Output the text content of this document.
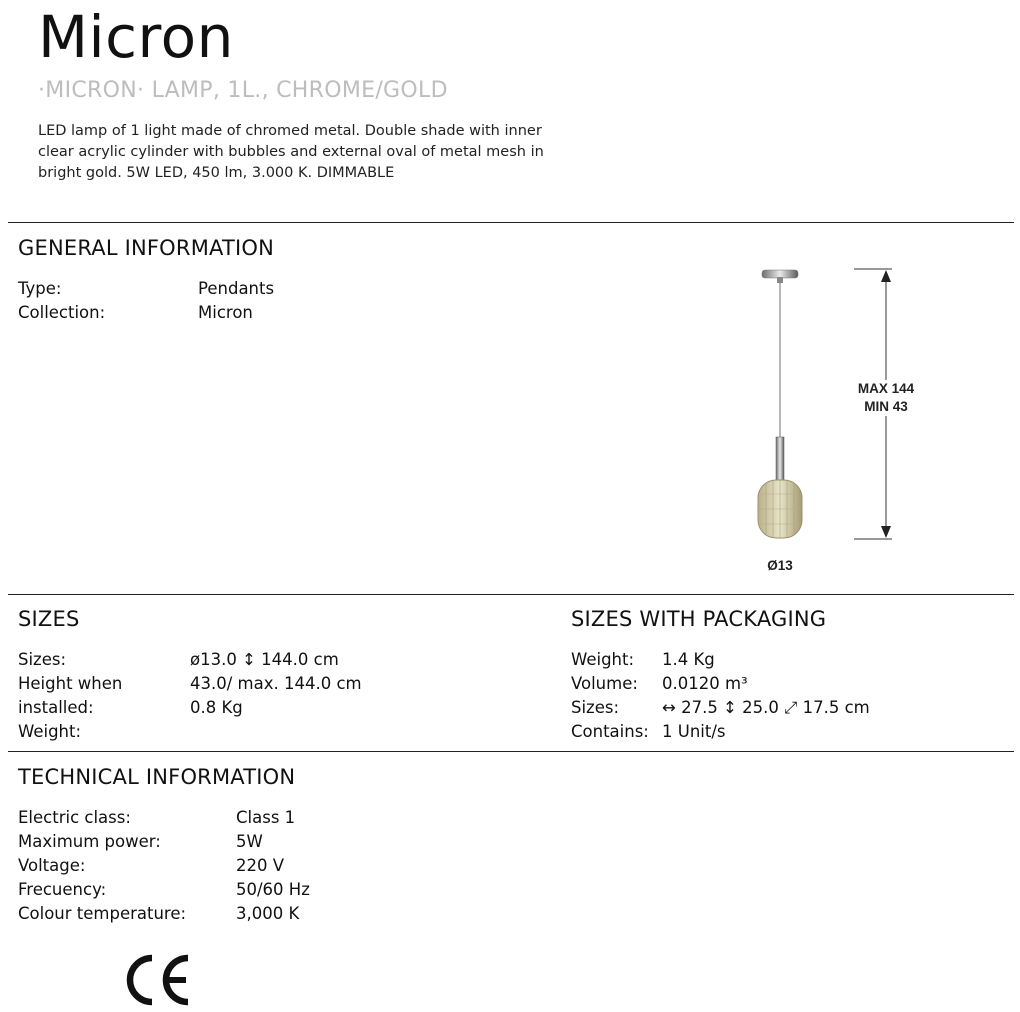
Micron
·MICRON· LAMP, 1L., CHROME/GOLD
LED lamp of 1 light made of chromed metal. Double shade with inner clear acrylic cylinder with bubbles and external oval of metal mesh in bright gold. 5W LED, 450 lm, 3.000 K. DIMMABLE
GENERAL INFORMATION
Type:	Pendants
Collection:	Micron
MAX 144
MIN 43
Ø13
SIZES
Sizes:
Height when
installed:
Weight:
ø13.0 ↕ 144.0 cm
43.0/ max. 144.0 cm
0.8 Kg
SIZES WITH PACKAGING
Weight:
Volume:
Sizes:
Contains:
1.4 Kg
0.0120 m³
↔ 27.5 ↕ 25.0 ⤢ 17.5 cm
1 Unit/s
TECHNICAL INFORMATION
Electric class:
Maximum power:
Voltage:
Frecuency:
Colour temperature:
Class 1
5W
220 V
50/60 Hz
3,000 K
